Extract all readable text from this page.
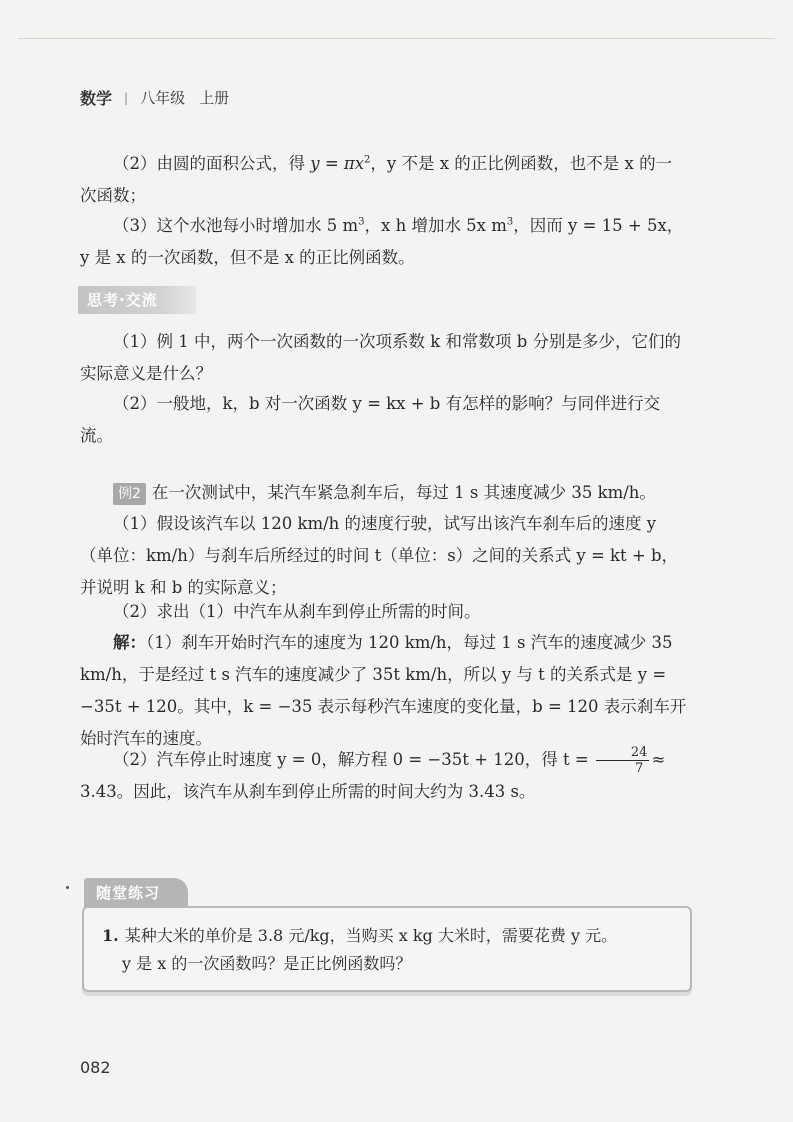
数学 | 八年级 上册

（2）由圆的面积公式，得 $y = \pi x^2$，y 不是 x 的正比例函数，也不是 x 的一次函数；

（3）这个水池每小时增加水 5 $m^3$，x h 增加水 5x $m^3$，因而 y = 15 + 5x，y 是 x 的一次函数，但不是 x 的正比例函数。

思考·交流

（1）例 1 中，两个一次函数的一次项系数 k 和常数项 b 分别是多少，它们的实际意义是什么？

（2）一般地，k，b 对一次函数 y = kx + b 有怎样的影响？与同伴进行交流。

例2 在一次测试中，某汽车紧急刹车后，每过 1 s 其速度减少 35 km/h。

（1）假设该汽车以 120 km/h 的速度行驶，试写出该汽车刹车后的速度 y（单位：km/h）与刹车后所经过的时间 t（单位：s）之间的关系式 y = kt + b，并说明 k 和 b 的实际意义；

（2）求出（1）中汽车从刹车到停止所需的时间。

解：（1）刹车开始时汽车的速度为 120 km/h，每过 1 s 汽车的速度减少 35 km/h，于是经过 t s 汽车的速度减少了 35t km/h，所以 y 与 t 的关系式是 y = −35t + 120。其中，k = −35 表示每秒汽车速度的变化量，b = 120 表示刹车开始时汽车的速度。

（2）汽车停止时速度 y = 0，解方程 0 = −35t + 120，得 $t = \frac{24}{7} \approx 3.43$。因此，该汽车从刹车到停止所需的时间大约为 3.43 s。

随堂练习

1. 某种大米的单价是 3.8 元/kg，当购买 x kg 大米时，需要花费 y 元。
y 是 x 的一次函数吗？是正比例函数吗？

082
